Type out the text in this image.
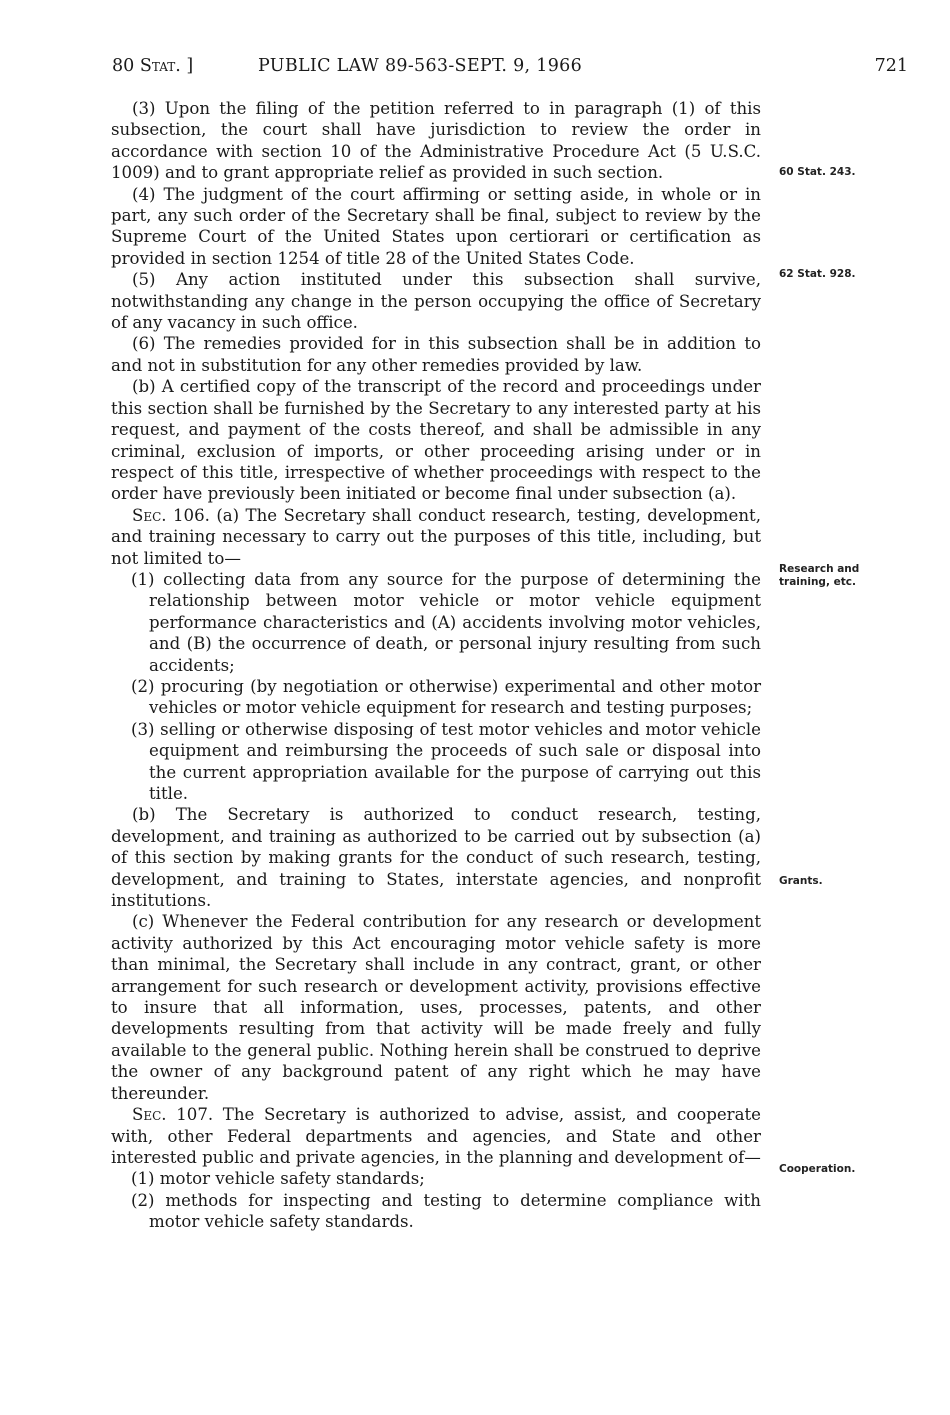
80 Stat. ]	PUBLIC LAW 89-563-SEPT. 9, 1966	721

(3) Upon the filing of the petition referred to in paragraph (1) of this subsection, the court shall have jurisdiction to review the order in accordance with section 10 of the Administrative Procedure Act (5 U.S.C. 1009) and to grant appropriate relief as provided in such section.

(4) The judgment of the court affirming or setting aside, in whole or in part, any such order of the Secretary shall be final, subject to review by the Supreme Court of the United States upon certiorari or certification as provided in section 1254 of title 28 of the United States Code.

(5) Any action instituted under this subsection shall survive, notwithstanding any change in the person occupying the office of Secretary of any vacancy in such office.

(6) The remedies provided for in this subsection shall be in addition to and not in substitution for any other remedies provided by law.

(b) A certified copy of the transcript of the record and proceedings under this section shall be furnished by the Secretary to any interested party at his request, and payment of the costs thereof, and shall be admissible in any criminal, exclusion of imports, or other proceeding arising under or in respect of this title, irrespective of whether proceedings with respect to the order have previously been initiated or become final under subsection (a).

Sec. 106. (a) The Secretary shall conduct research, testing, development, and training necessary to carry out the purposes of this title, including, but not limited to—

(1) collecting data from any source for the purpose of determining the relationship between motor vehicle or motor vehicle equipment performance characteristics and (A) accidents involving motor vehicles, and (B) the occurrence of death, or personal injury resulting from such accidents;

(2) procuring (by negotiation or otherwise) experimental and other motor vehicles or motor vehicle equipment for research and testing purposes;

(3) selling or otherwise disposing of test motor vehicles and motor vehicle equipment and reimbursing the proceeds of such sale or disposal into the current appropriation available for the purpose of carrying out this title.

(b) The Secretary is authorized to conduct research, testing, development, and training as authorized to be carried out by subsection (a) of this section by making grants for the conduct of such research, testing, development, and training to States, interstate agencies, and nonprofit institutions.

(c) Whenever the Federal contribution for any research or development activity authorized by this Act encouraging motor vehicle safety is more than minimal, the Secretary shall include in any contract, grant, or other arrangement for such research or development activity, provisions effective to insure that all information, uses, processes, patents, and other developments resulting from that activity will be made freely and fully available to the general public. Nothing herein shall be construed to deprive the owner of any background patent of any right which he may have thereunder.

Sec. 107. The Secretary is authorized to advise, assist, and cooperate with, other Federal departments and agencies, and State and other interested public and private agencies, in the planning and development of—

(1) motor vehicle safety standards;

(2) methods for inspecting and testing to determine compliance with motor vehicle safety standards.

60 Stat. 243.
62 Stat. 928.
Research and training, etc.
Grants.
Cooperation.
